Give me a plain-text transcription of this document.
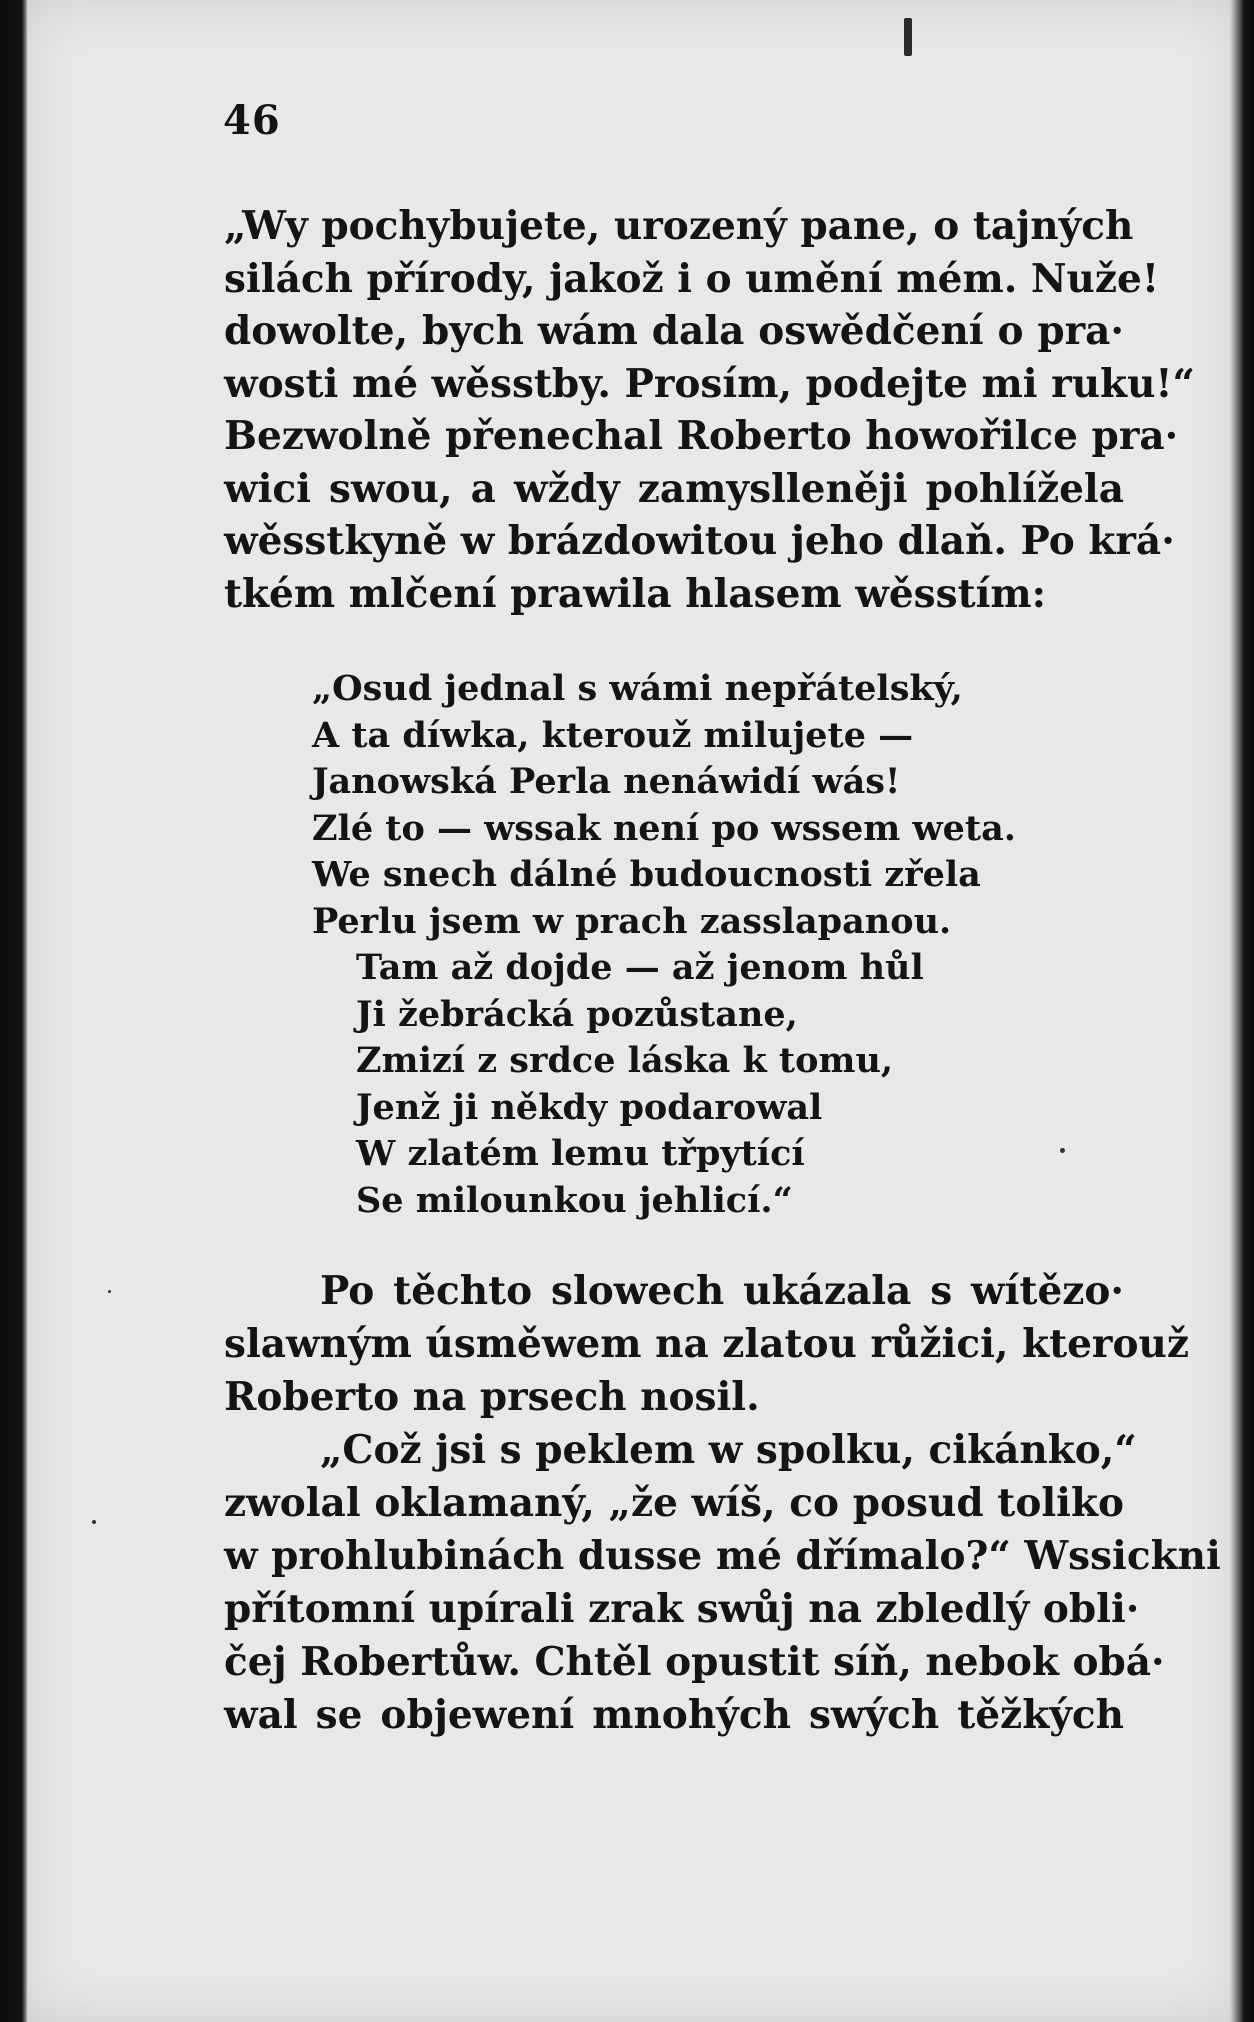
46
„Wy pochybujete, urozený pane, o tajných
silách přírody, jakož i o umění mém. Nuže!
dowolte, bych wám dala oswědčení o pra·
wosti mé wěsstby. Prosím, podejte mi ruku!“
Bezwolně přenechal Roberto howořilce pra·
wici swou, a wždy zamyslleněji pohlížela
wěsstkyně w brázdowitou jeho dlaň. Po krá·
tkém mlčení prawila hlasem wěsstím:
„Osud jednal s wámi nepřátelský,
A ta díwka, kterouž milujete —
Janowská Perla nenáwidí wás!
Zlé to — wssak není po wssem weta.
We snech dálné budoucnosti zřela
Perlu jsem w prach zasslapanou.
Tam až dojde — až jenom hůl
Ji žebrácká pozůstane,
Zmizí z srdce láska k tomu,
Jenž ji někdy podarowal
W zlatém lemu třpytící
Se milounkou jehlicí.“
Po těchto slowech ukázala s wítězo·
slawným úsměwem na zlatou růžici, kterouž
Roberto na prsech nosil.
„Což jsi s peklem w spolku, cikánko,“
zwolal oklamaný, „že wíš, co posud toliko
w prohlubinách dusse mé dřímalo?“ Wssickni
přítomní upírali zrak swůj na zbledlý obli·
čej Robertůw. Chtěl opustit síň, nebok obá·
wal se objewení mnohých swých těžkých
